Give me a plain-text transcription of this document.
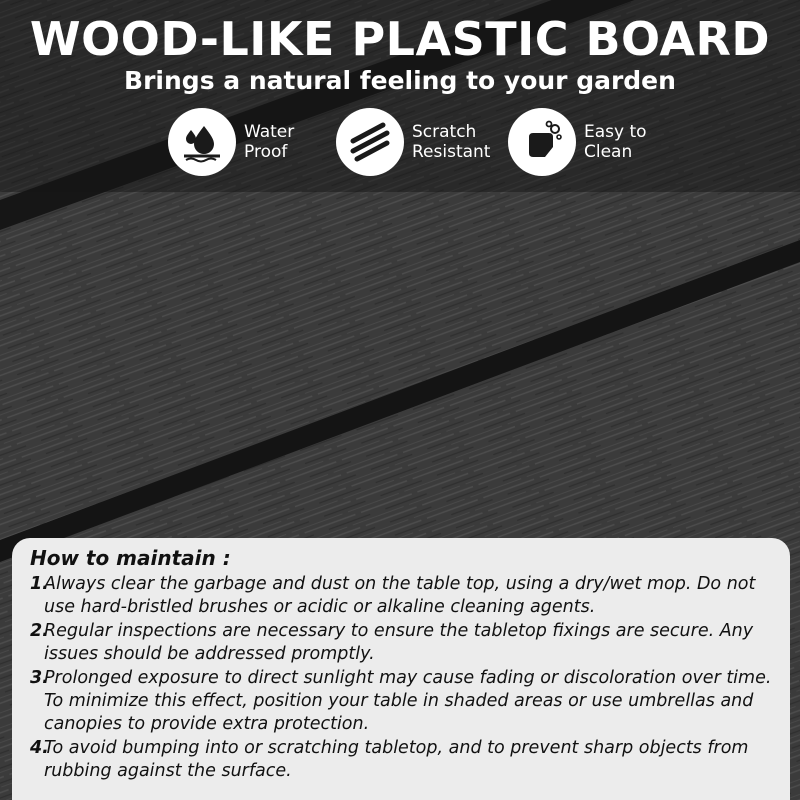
WOOD-LIKE PLASTIC BOARD
Brings a natural feeling to your garden
Water
Proof
Scratch
Resistant
Easy to
Clean
How to maintain :
1.
Always clear the garbage and dust on the table top, using a dry/wet mop. Do not use hard-bristled brushes or acidic or alkaline cleaning agents.
2.
Regular inspections are necessary to ensure the tabletop fixings are secure. Any issues should be addressed promptly.
3.
Prolonged exposure to direct sunlight may cause fading or discoloration over time. To minimize this effect, position your table in shaded areas or use umbrellas and canopies to provide extra protection.
4.
To avoid bumping into or scratching tabletop, and to prevent sharp objects from rubbing against the surface.
